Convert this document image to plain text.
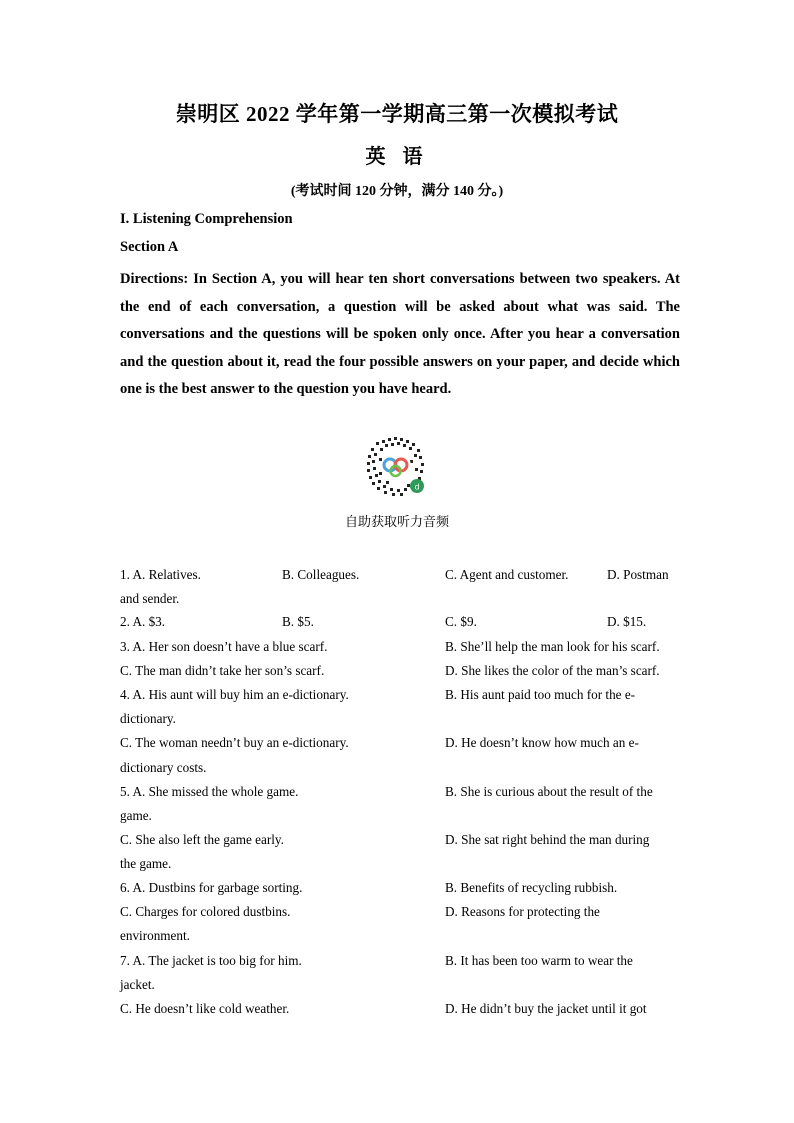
崇明区 2022 学年第一学期高三第一次模拟考试
英 语
(考试时间 120 分钟，满分 140 分。)
I. Listening Comprehension
Section A
Directions: In Section A, you will hear ten short conversations between two speakers. At the end of each conversation, a question will be asked about what was said. The conversations and the questions will be spoken only once. After you hear a conversation and the question about it, read the four possible answers on your paper, and decide which one is the best answer to the question you have heard.
d
自助获取听力音频
1. A. Relatives.	B. Colleagues.	C. Agent and customer.	D. Postman
and sender.
2. A. $3.	B. $5.	C. $9.	D. $15.
3. A. Her son doesn’t have a blue scarf.	B. She’ll help the man look for his scarf.
C. The man didn’t take her son’s scarf.	D. She likes the color of the man’s scarf.
4. A. His aunt will buy him an e-dictionary.	B. His aunt paid too much for the e-
dictionary.
C. The woman needn’t buy an e-dictionary.	D. He doesn’t know how much an e-
dictionary costs.
5. A. She missed the whole game.	B. She is curious about the result of the
game.
C. She also left the game early.	D. She sat right behind the man during
the game.
6. A. Dustbins for garbage sorting.	B. Benefits of recycling rubbish.
C. Charges for colored dustbins.	D. Reasons for protecting the
environment.
7. A. The jacket is too big for him.	B. It has been too warm to wear the
jacket.
C. He doesn’t like cold weather.	D. He didn’t buy the jacket until it got
